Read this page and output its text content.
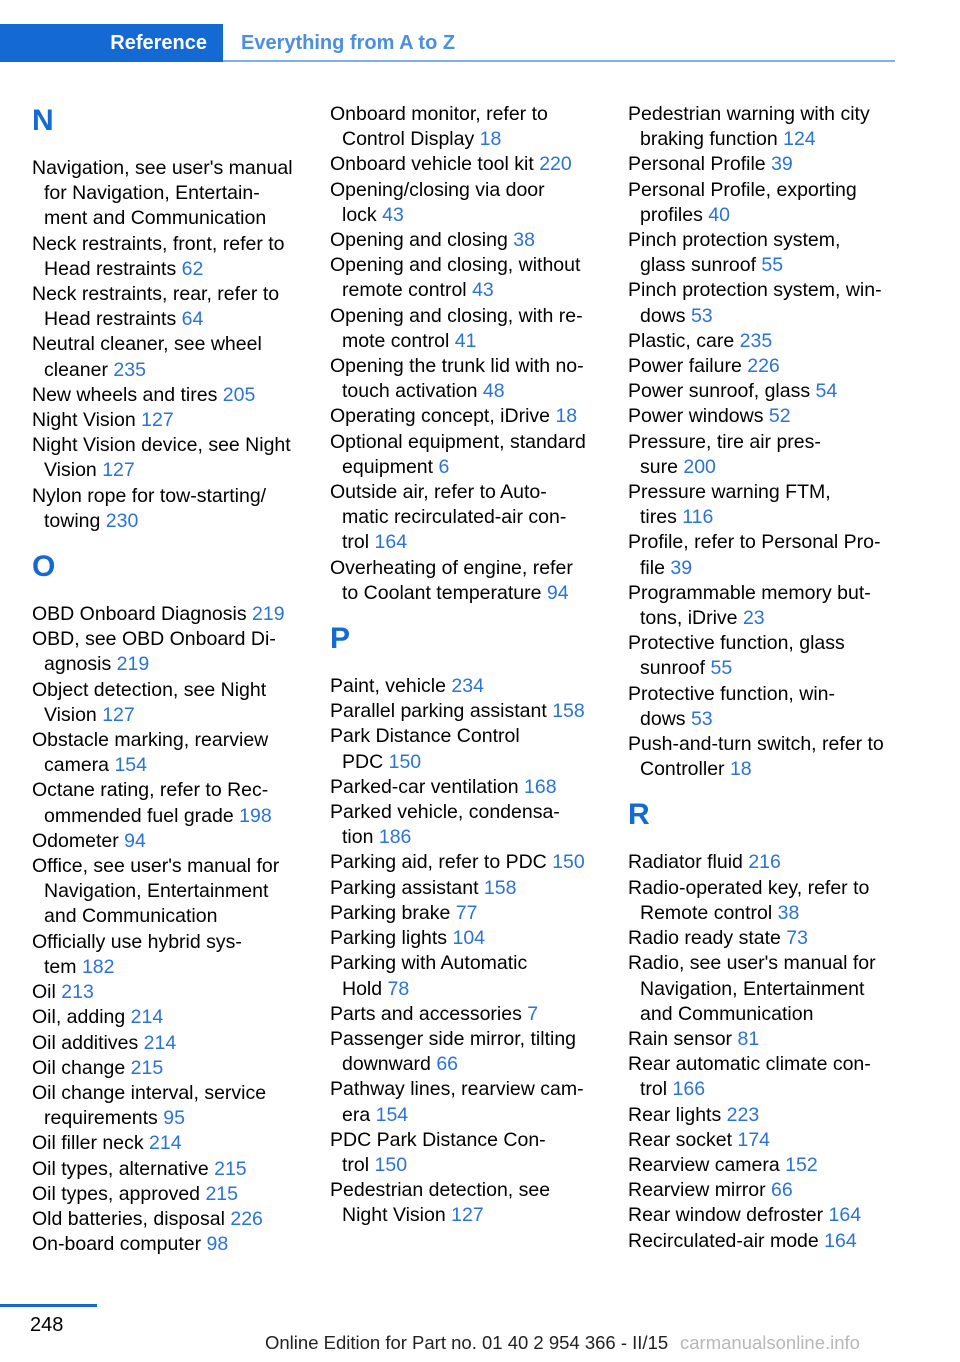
Reference	Everything from A to Z
N
Navigation, see user's manual
for Navigation, Entertain-
ment and Communication
Neck restraints, front, refer to
Head restraints 62
Neck restraints, rear, refer to
Head restraints 64
Neutral cleaner, see wheel
cleaner 235
New wheels and tires 205
Night Vision 127
Night Vision device, see Night
Vision 127
Nylon rope for tow-starting/
towing 230
O
OBD Onboard Diagnosis 219
OBD, see OBD Onboard Di-
agnosis 219
Object detection, see Night
Vision 127
Obstacle marking, rearview
camera 154
Octane rating, refer to Rec-
ommended fuel grade 198
Odometer 94
Office, see user's manual for
Navigation, Entertainment
and Communication
Officially use hybrid sys-
tem 182
Oil 213
Oil, adding 214
Oil additives 214
Oil change 215
Oil change interval, service
requirements 95
Oil filler neck 214
Oil types, alternative 215
Oil types, approved 215
Old batteries, disposal 226
On-board computer 98
Onboard monitor, refer to
Control Display 18
Onboard vehicle tool kit 220
Opening/closing via door
lock 43
Opening and closing 38
Opening and closing, without
remote control 43
Opening and closing, with re-
mote control 41
Opening the trunk lid with no-
touch activation 48
Operating concept, iDrive 18
Optional equipment, standard
equipment 6
Outside air, refer to Auto-
matic recirculated-air con-
trol 164
Overheating of engine, refer
to Coolant temperature 94
P
Paint, vehicle 234
Parallel parking assistant 158
Park Distance Control
PDC 150
Parked-car ventilation 168
Parked vehicle, condensa-
tion 186
Parking aid, refer to PDC 150
Parking assistant 158
Parking brake 77
Parking lights 104
Parking with Automatic
Hold 78
Parts and accessories 7
Passenger side mirror, tilting
downward 66
Pathway lines, rearview cam-
era 154
PDC Park Distance Con-
trol 150
Pedestrian detection, see
Night Vision 127
Pedestrian warning with city
braking function 124
Personal Profile 39
Personal Profile, exporting
profiles 40
Pinch protection system,
glass sunroof 55
Pinch protection system, win-
dows 53
Plastic, care 235
Power failure 226
Power sunroof, glass 54
Power windows 52
Pressure, tire air pres-
sure 200
Pressure warning FTM,
tires 116
Profile, refer to Personal Pro-
file 39
Programmable memory but-
tons, iDrive 23
Protective function, glass
sunroof 55
Protective function, win-
dows 53
Push-and-turn switch, refer to
Controller 18
R
Radiator fluid 216
Radio-operated key, refer to
Remote control 38
Radio ready state 73
Radio, see user's manual for
Navigation, Entertainment
and Communication
Rain sensor 81
Rear automatic climate con-
trol 166
Rear lights 223
Rear socket 174
Rearview camera 152
Rearview mirror 66
Rear window defroster 164
Recirculated-air mode 164
248
Online Edition for Part no. 01 40 2 954 366 - II/15 carmanualsonline.info
